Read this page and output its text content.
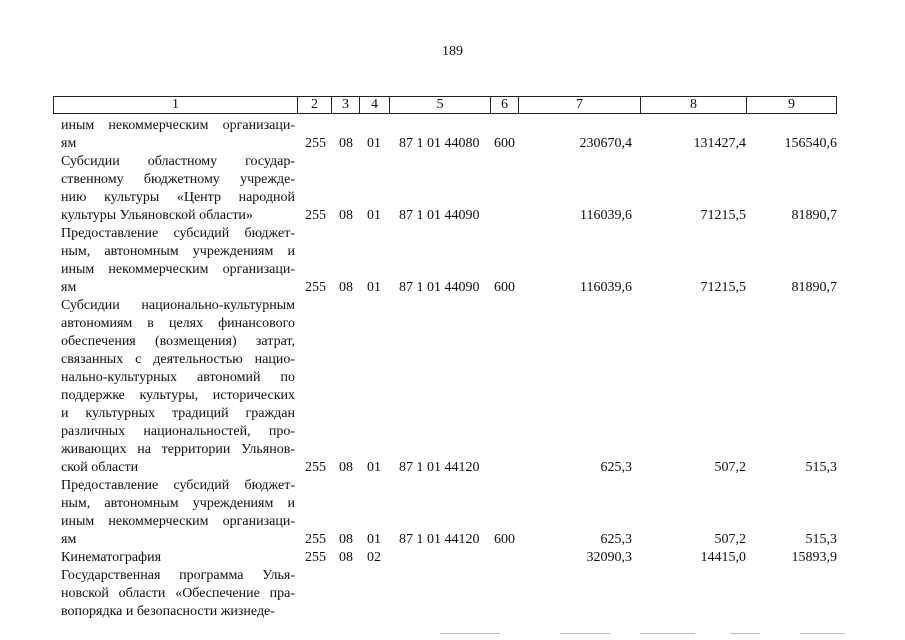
189
1	2	3	4	5	6	7	8	9
иным некоммерческим организаци-
ям	255 08 01 87 1 01 44080 600	230670,4	131427,4	156540,6
Субсидии областному государ-
ственному бюджетному учрежде-
нию культуры «Центр народной
культуры Ульяновской области»	255 08 01 87 1 01 44090	116039,6	71215,5	81890,7
Предоставление субсидий бюджет-
ным, автономным учреждениям и
иным некоммерческим организаци-
ям	255 08 01 87 1 01 44090 600	116039,6	71215,5	81890,7
Субсидии национально-культурным
автономиям в целях финансового
обеспечения (возмещения) затрат,
связанных с деятельностью нацио-
нально-культурных автономий по
поддержке культуры, исторических
и культурных традиций граждан
различных национальностей, про-
живающих на территории Ульянов-
ской области	255 08 01 87 1 01 44120	625,3	507,2	515,3
Предоставление субсидий бюджет-
ным, автономным учреждениям и
иным некоммерческим организаци-
ям	255 08 01 87 1 01 44120 600	625,3	507,2	515,3
Кинематография	255 08 02	32090,3	14415,0	15893,9
Государственная программа Улья-
новской области «Обеспечение пра-
вопорядка и безопасности жизнеде-
